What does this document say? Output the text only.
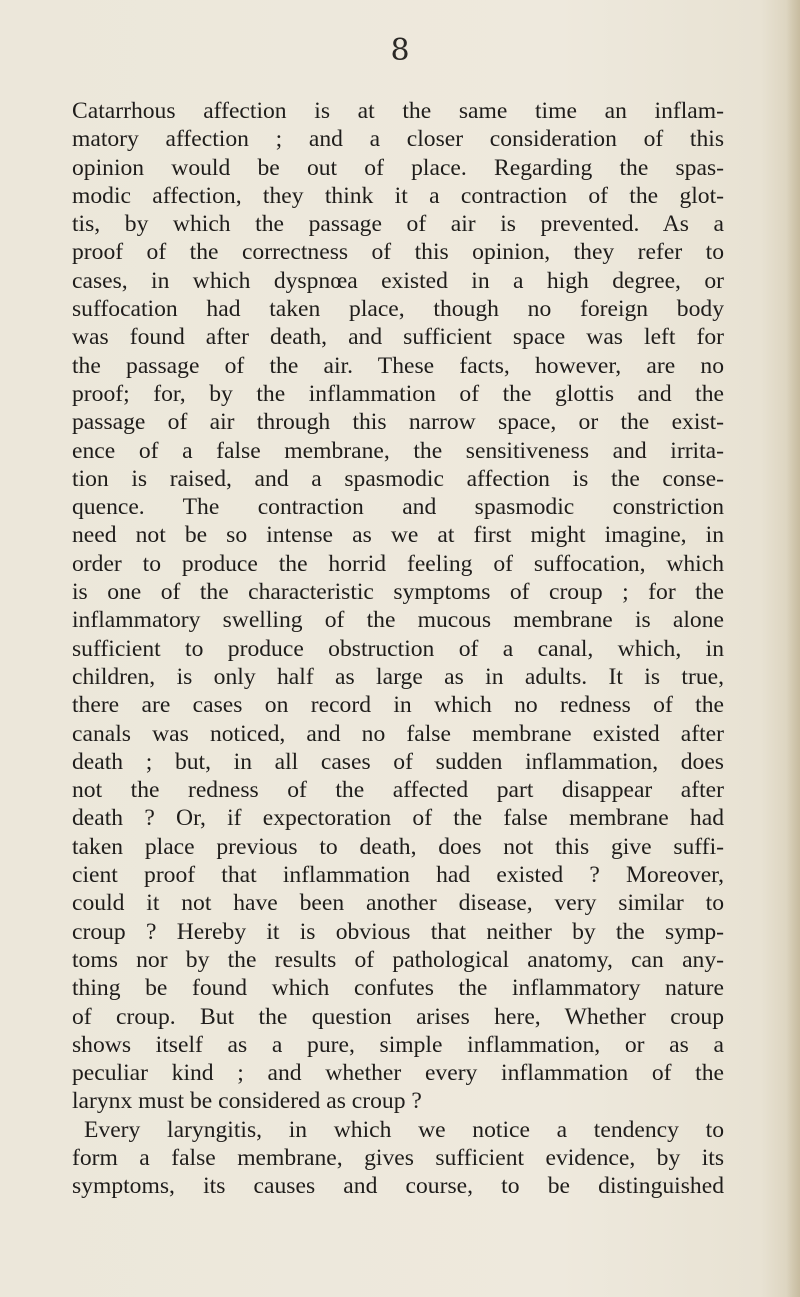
8
Catarrhous affection is at the same time an inflam-
matory affection ; and a closer consideration of this
opinion would be out of place. Regarding the spas-
modic affection, they think it a contraction of the glot-
tis, by which the passage of air is prevented. As a
proof of the correctness of this opinion, they refer to
cases, in which dyspnœa existed in a high degree, or
suffocation had taken place, though no foreign body
was found after death, and sufficient space was left for
the passage of the air. These facts, however, are no
proof; for, by the inflammation of the glottis and the
passage of air through this narrow space, or the exist-
ence of a false membrane, the sensitiveness and irrita-
tion is raised, and a spasmodic affection is the conse-
quence. The contraction and spasmodic constriction
need not be so intense as we at first might imagine, in
order to produce the horrid feeling of suffocation, which
is one of the characteristic symptoms of croup ; for the
inflammatory swelling of the mucous membrane is alone
sufficient to produce obstruction of a canal, which, in
children, is only half as large as in adults. It is true,
there are cases on record in which no redness of the
canals was noticed, and no false membrane existed after
death ; but, in all cases of sudden inflammation, does
not the redness of the affected part disappear after
death ? Or, if expectoration of the false membrane had
taken place previous to death, does not this give suffi-
cient proof that inflammation had existed ? Moreover,
could it not have been another disease, very similar to
croup ? Hereby it is obvious that neither by the symp-
toms nor by the results of pathological anatomy, can any-
thing be found which confutes the inflammatory nature
of croup. But the question arises here, Whether croup
shows itself as a pure, simple inflammation, or as a
peculiar kind ; and whether every inflammation of the
larynx must be considered as croup ?
Every laryngitis, in which we notice a tendency to
form a false membrane, gives sufficient evidence, by its
symptoms, its causes and course, to be distinguished
